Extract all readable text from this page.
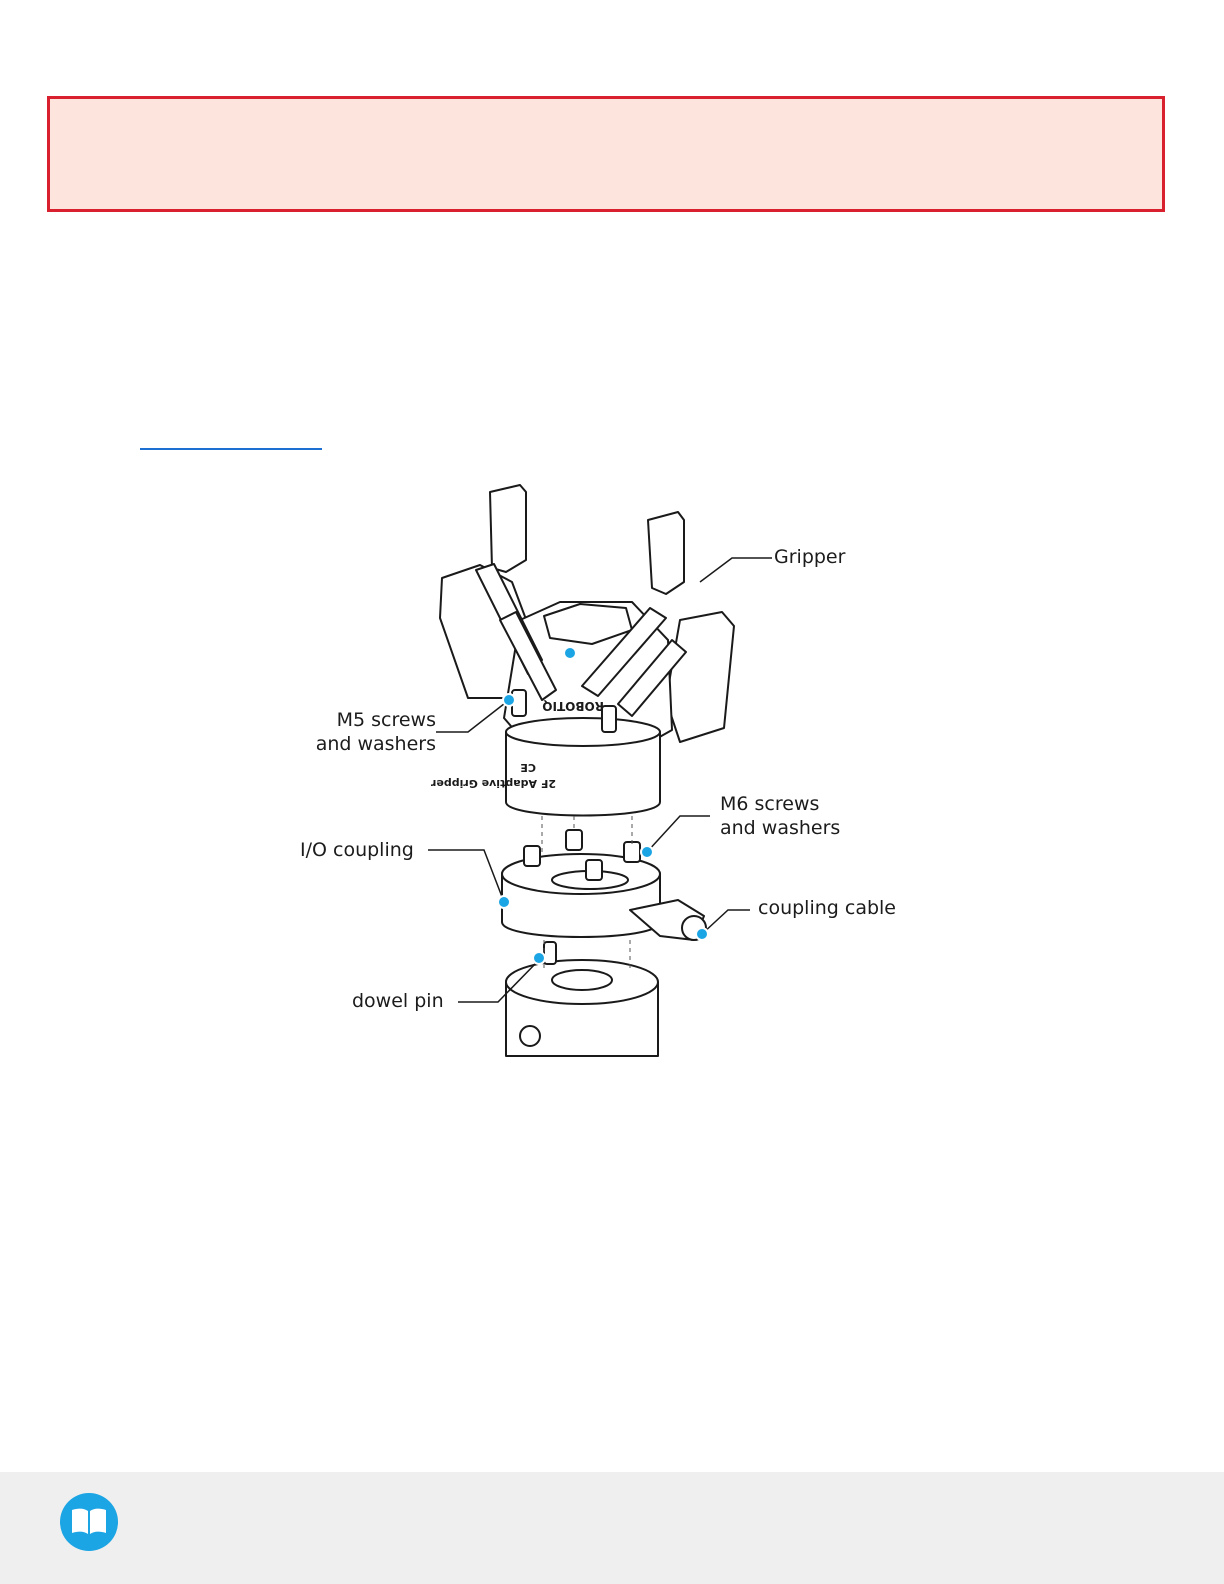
2F Adaptive Gripper
CE
ROBOTIQ
Gripper
M5 screws
and washers
M6 screws
and washers
I/O coupling
coupling cable
dowel pin
